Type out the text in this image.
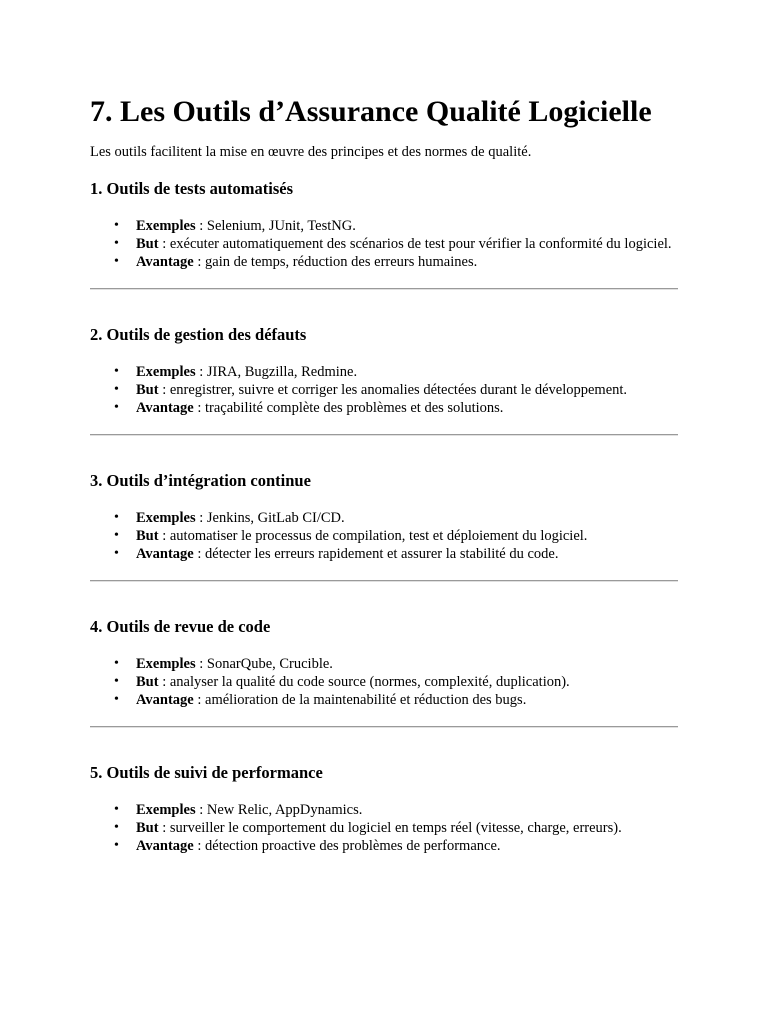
7. Les Outils d’Assurance Qualité Logicielle

Les outils facilitent la mise en œuvre des principes et des normes de qualité.

1. Outils de tests automatisés
• Exemples : Selenium, JUnit, TestNG.
• But : exécuter automatiquement des scénarios de test pour vérifier la conformité du logiciel.
• Avantage : gain de temps, réduction des erreurs humaines.
2. Outils de gestion des défauts
• Exemples : JIRA, Bugzilla, Redmine.
• But : enregistrer, suivre et corriger les anomalies détectées durant le développement.
• Avantage : traçabilité complète des problèmes et des solutions.
3. Outils d’intégration continue
• Exemples : Jenkins, GitLab CI/CD.
• But : automatiser le processus de compilation, test et déploiement du logiciel.
• Avantage : détecter les erreurs rapidement et assurer la stabilité du code.
4. Outils de revue de code
• Exemples : SonarQube, Crucible.
• But : analyser la qualité du code source (normes, complexité, duplication).
• Avantage : amélioration de la maintenabilité et réduction des bugs.
5. Outils de suivi de performance
• Exemples : New Relic, AppDynamics.
• But : surveiller le comportement du logiciel en temps réel (vitesse, charge, erreurs).
• Avantage : détection proactive des problèmes de performance.
